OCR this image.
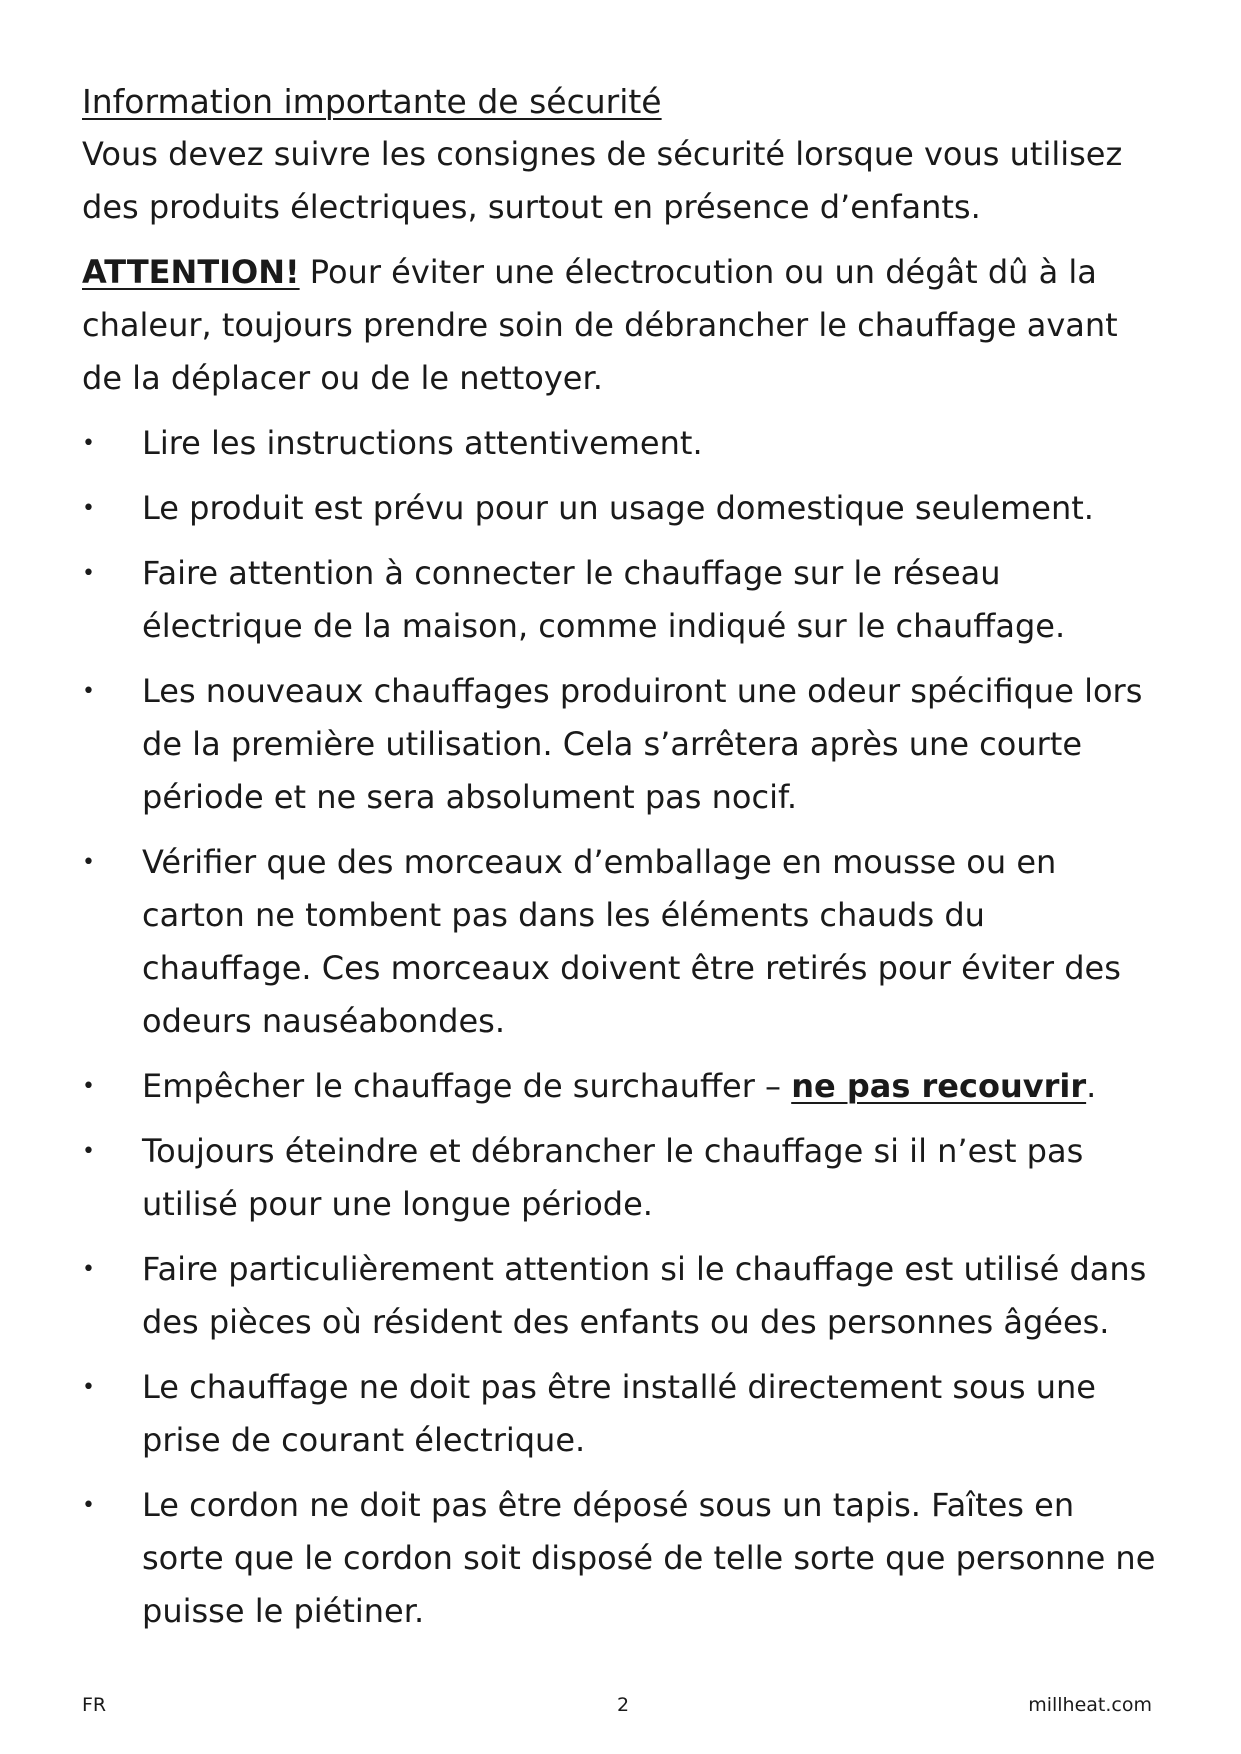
Information importante de sécurité

Vous devez suivre les consignes de sécurité lorsque vous utilisez des produits électriques, surtout en présence d’enfants.

ATTENTION! Pour éviter une électrocution ou un dégât dû à la chaleur, toujours prendre soin de débrancher le chauffage avant de la déplacer ou de le nettoyer.

• Lire les instructions attentivement.
• Le produit est prévu pour un usage domestique seulement.
• Faire attention à connecter le chauffage sur le réseau électrique de la maison, comme indiqué sur le chauffage.
• Les nouveaux chauffages produiront une odeur spécifique lors de la première utilisation. Cela s’arrêtera après une courte période et ne sera absolument pas nocif.
• Vérifier que des morceaux d’emballage en mousse ou en carton ne tombent pas dans les éléments chauds du chauffage. Ces morceaux doivent être retirés pour éviter des odeurs nauséabondes.
• Empêcher le chauffage de surchauffer – ne pas recouvrir.
• Toujours éteindre et débrancher le chauffage si il n’est pas utilisé pour une longue période.
• Faire particulièrement attention si le chauffage est utilisé dans des pièces où résident des enfants ou des personnes âgées.
• Le chauffage ne doit pas être installé directement sous une prise de courant électrique.
• Le cordon ne doit pas être déposé sous un tapis. Faîtes en sorte que le cordon soit disposé de telle sorte que personne ne puisse le piétiner.
FR	2	millheat.com
